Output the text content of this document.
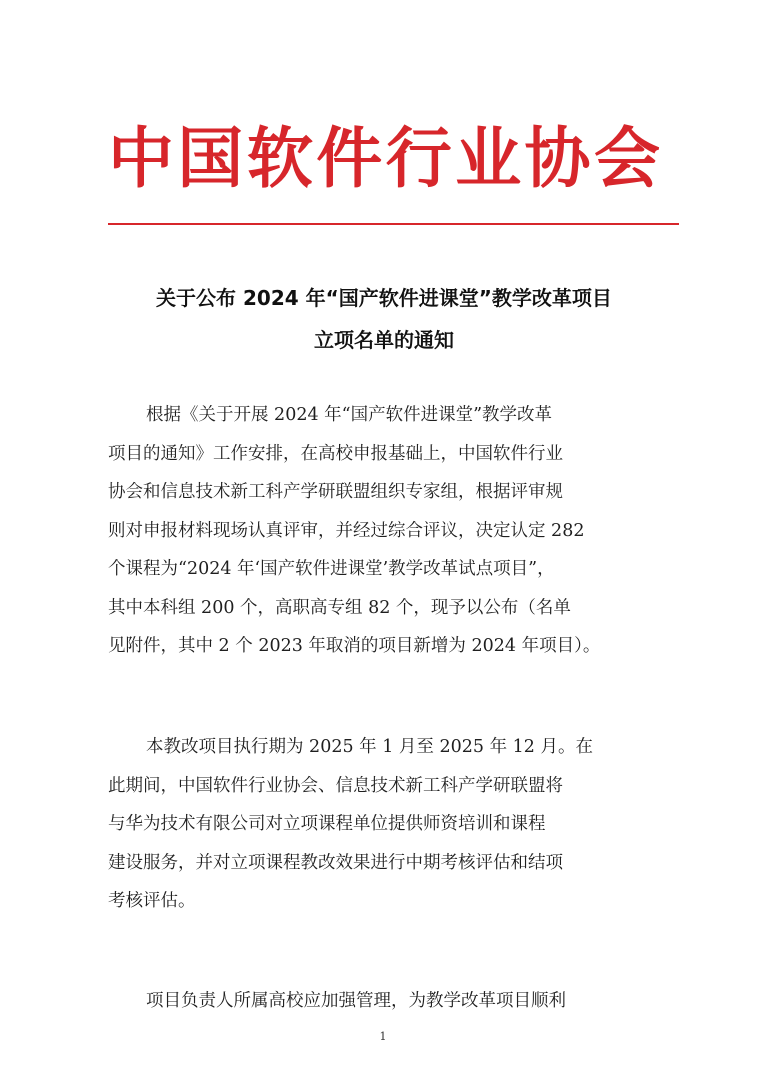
中 国 软 件 行 业 协 会
关于公布 2024 年“国产软件进课堂”教学改革项目
立项名单的通知
根据《关于开展 2024 年“国产软件进课堂”教学改革
项目的通知》工作安排，在高校申报基础上，中国软件行业
协会和信息技术新工科产学研联盟组织专家组，根据评审规
则对申报材料现场认真评审，并经过综合评议，决定认定 282
个课程为“2024 年‘国产软件进课堂’教学改革试点项目”，
其中本科组 200 个，高职高专组 82 个，现予以公布（名单
见附件，其中 2 个 2023 年取消的项目新增为 2024 年项目）。
本教改项目执行期为 2025 年 1 月至 2025 年 12 月。在
此期间，中国软件行业协会、信息技术新工科产学研联盟将
与华为技术有限公司对立项课程单位提供师资培训和课程
建设服务，并对立项课程教改效果进行中期考核评估和结项
考核评估。
项目负责人所属高校应加强管理，为教学改革项目顺利
1
